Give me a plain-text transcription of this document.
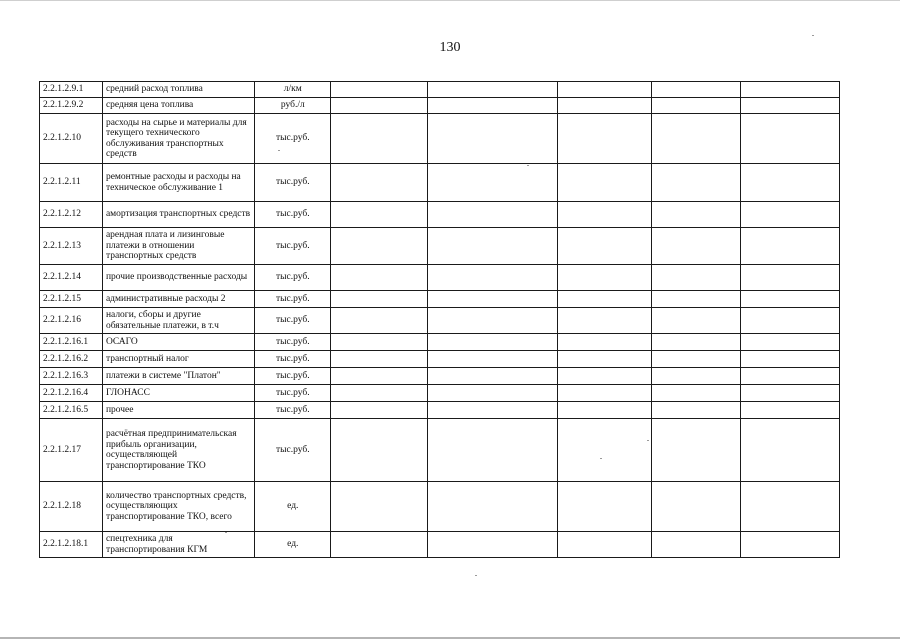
130
2.2.1.2.9.1	средний расход топлива	л/км					
2.2.1.2.9.2	средняя цена топлива	руб./л					
2.2.1.2.10	расходы на сырье и материалы для текущего технического обслуживания транспортных средств	тыс.руб.					
2.2.1.2.11	ремонтные расходы и расходы на техническое обслуживание 1	тыс.руб.					
2.2.1.2.12	амортизация транспортных средств	тыс.руб.					
2.2.1.2.13	арендная плата и лизинговые платежи в отношении транспортных средств	тыс.руб.					
2.2.1.2.14	прочие производственные расходы	тыс.руб.					
2.2.1.2.15	административные расходы 2	тыс.руб.					
2.2.1.2.16	налоги, сборы и другие обязательные платежи, в т.ч	тыс.руб.					
2.2.1.2.16.1	ОСАГО	тыс.руб.					
2.2.1.2.16.2	транспортный налог	тыс.руб.					
2.2.1.2.16.3	платежи в системе "Платон"	тыс.руб.					
2.2.1.2.16.4	ГЛОНАСС	тыс.руб.					
2.2.1.2.16.5	прочее	тыс.руб.					
2.2.1.2.17	расчётная предпринимательская прибыль организации, осуществляющей транспортирование ТКО	тыс.руб.					
2.2.1.2.18	количество транспортных средств, осуществляющих транспортирование ТКО, всего	ед.					
2.2.1.2.18.1	спецтехника для транспортирования КГМ	ед.					
